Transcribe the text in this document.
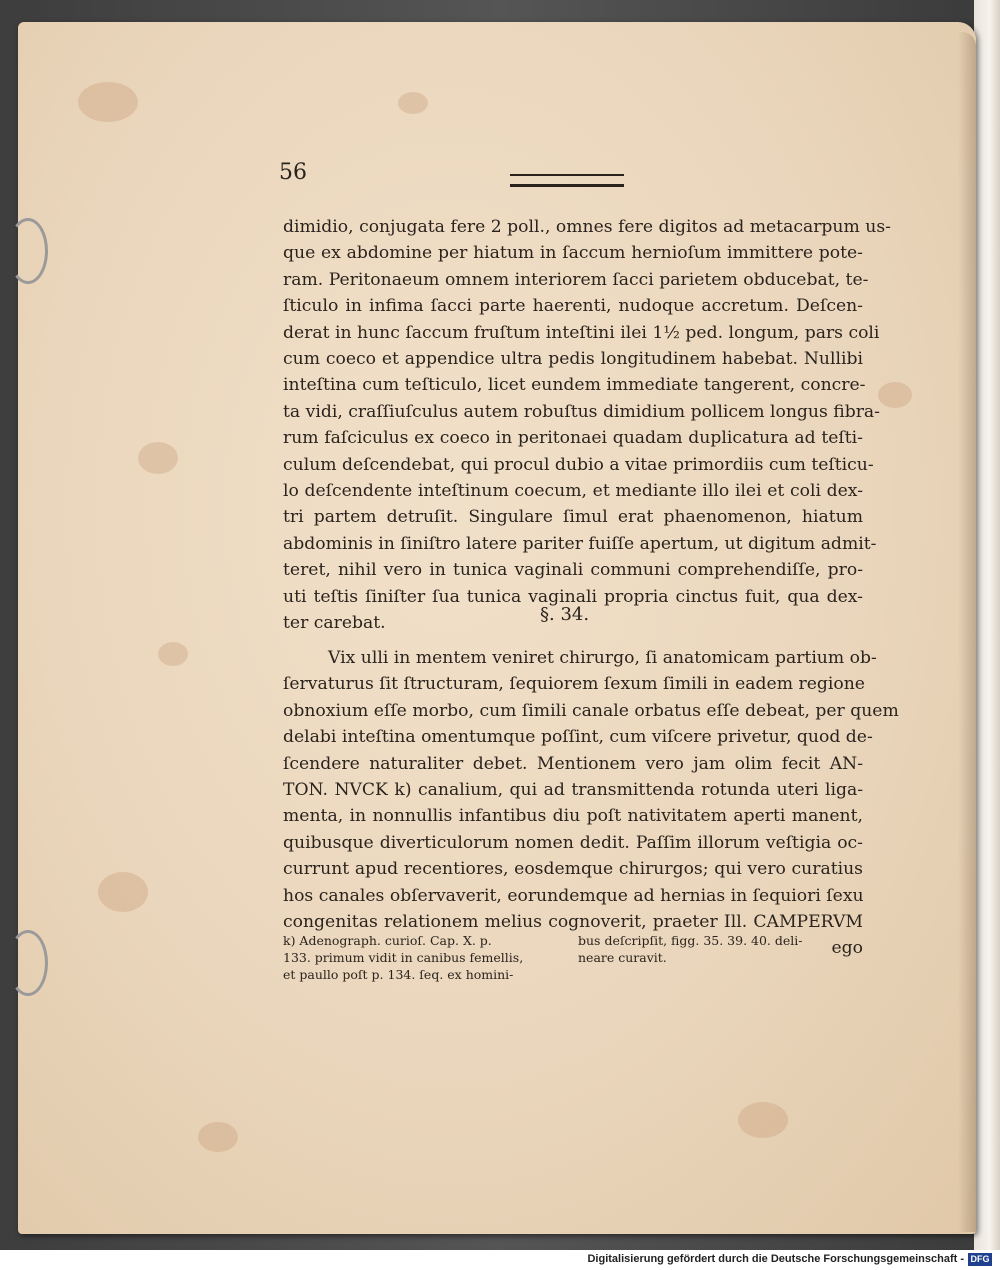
56
dimidio, conjugata fere 2 poll., omnes fere digitos ad metacarpum us-
que ex abdomine per hiatum in ſaccum hernioſum immittere pote-
ram. Peritonaeum omnem interiorem ſacci parietem obducebat, te-
ſticulo in infima ſacci parte haerenti, nudoque accretum. Deſcen-
derat in hunc ſaccum fruſtum inteſtini ilei 1½ ped. longum, pars coli
cum coeco et appendice ultra pedis longitudinem habebat. Nullibi
inteſtina cum teſticulo, licet eundem immediate tangerent, concre-
ta vidi, craſſiuſculus autem robuſtus dimidium pollicem longus fibra-
rum faſciculus ex coeco in peritonaei quadam duplicatura ad teſti-
culum deſcendebat, qui procul dubio a vitae primordiis cum teſticu-
lo deſcendente inteſtinum coecum, et mediante illo ilei et coli dex-
tri partem detruſit. Singulare ſimul erat phaenomenon, hiatum
abdominis in ſiniſtro latere pariter fuiſſe apertum, ut digitum admit-
teret, nihil vero in tunica vaginali communi comprehendiſſe, pro-
uti teſtis ſiniſter ſua tunica vaginali propria cinctus fuit, qua dex-
ter carebat.	§. 34.
Vix ulli in mentem veniret chirurgo, ſi anatomicam partium ob-
ſervaturus ſit ſtructuram, ſequiorem ſexum ſimili in eadem regione
obnoxium eſſe morbo, cum ſimili canale orbatus eſſe debeat, per quem
delabi inteſtina omentumque poſſint, cum viſcere privetur, quod de-
ſcendere naturaliter debet. Mentionem vero jam olim fecit AN-
TON. NVCK k) canalium, qui ad transmittenda rotunda uteri liga-
menta, in nonnullis infantibus diu poſt nativitatem aperti manent,
quibusque diverticulorum nomen dedit. Paſſim illorum veſtigia oc-
currunt apud recentiores, eosdemque chirurgos; qui vero curatius
hos canales obſervaverit, eorundemque ad hernias in ſequiori ſexu
congenitas relationem melius cognoverit, praeter Ill. CAMPERVM
ego
k) Adenograph. curioſ. Cap. X. p.
133. primum vidit in canibus femellis,
et paullo poſt p. 134. ſeq. ex homini-
bus deſcripſit, figg. 35. 39. 40. deli-
neare curavit.
Digitalisierung gefördert durch die Deutsche Forschungsgemeinschaft - DFG
